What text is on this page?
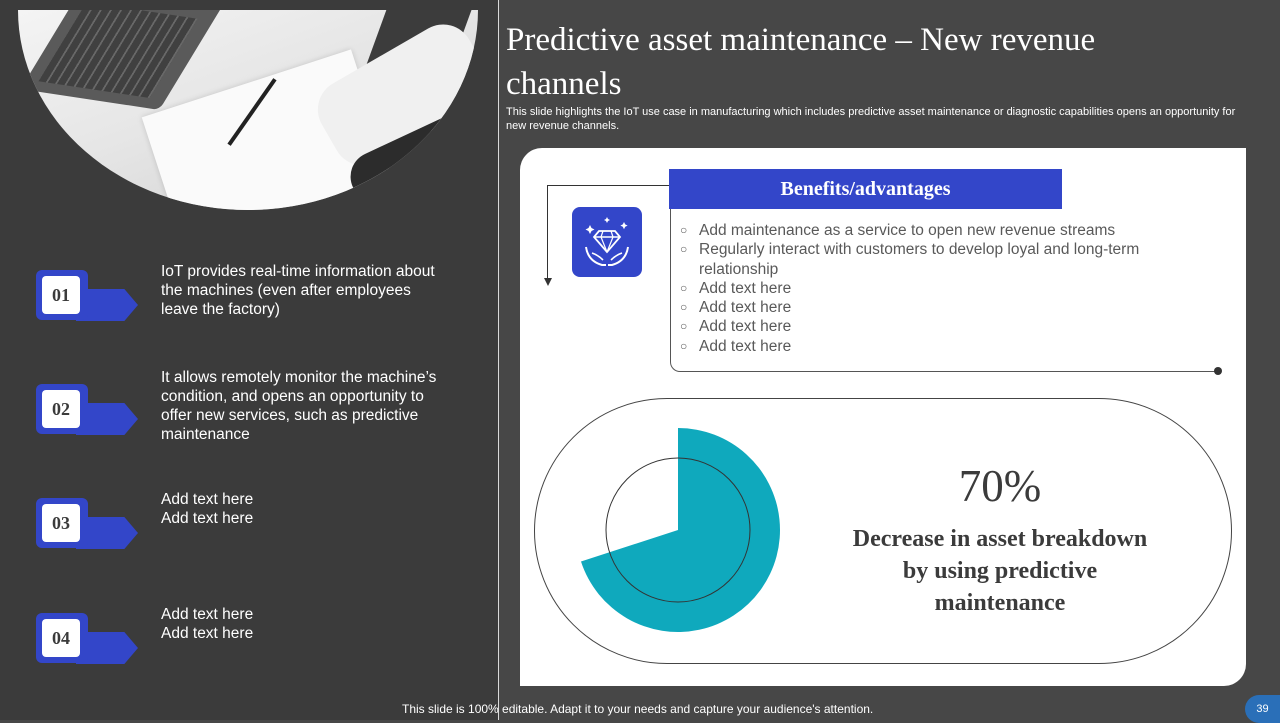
01
IoT provides real-time information about the machines (even after employees leave the factory)
02
It allows remotely monitor the machine’s condition, and opens an opportunity to offer new services, such as predictive maintenance
03
Add text here Add text here
04
Add text here Add text here
Predictive asset maintenance – New revenue channels
This slide highlights the IoT use case in manufacturing which includes predictive asset maintenance or diagnostic capabilities opens an opportunity for new revenue channels.
Benefits/advantages
○ Add maintenance as a service to open new revenue streams
○ Regularly interact with customers to develop loyal and long-term relationship
○ Add text here
○ Add text here
○ Add text here
○ Add text here
70%
Decrease in asset breakdown by using predictive maintenance
This slide is 100% editable. Adapt it to your needs and capture your audience's attention.	39
